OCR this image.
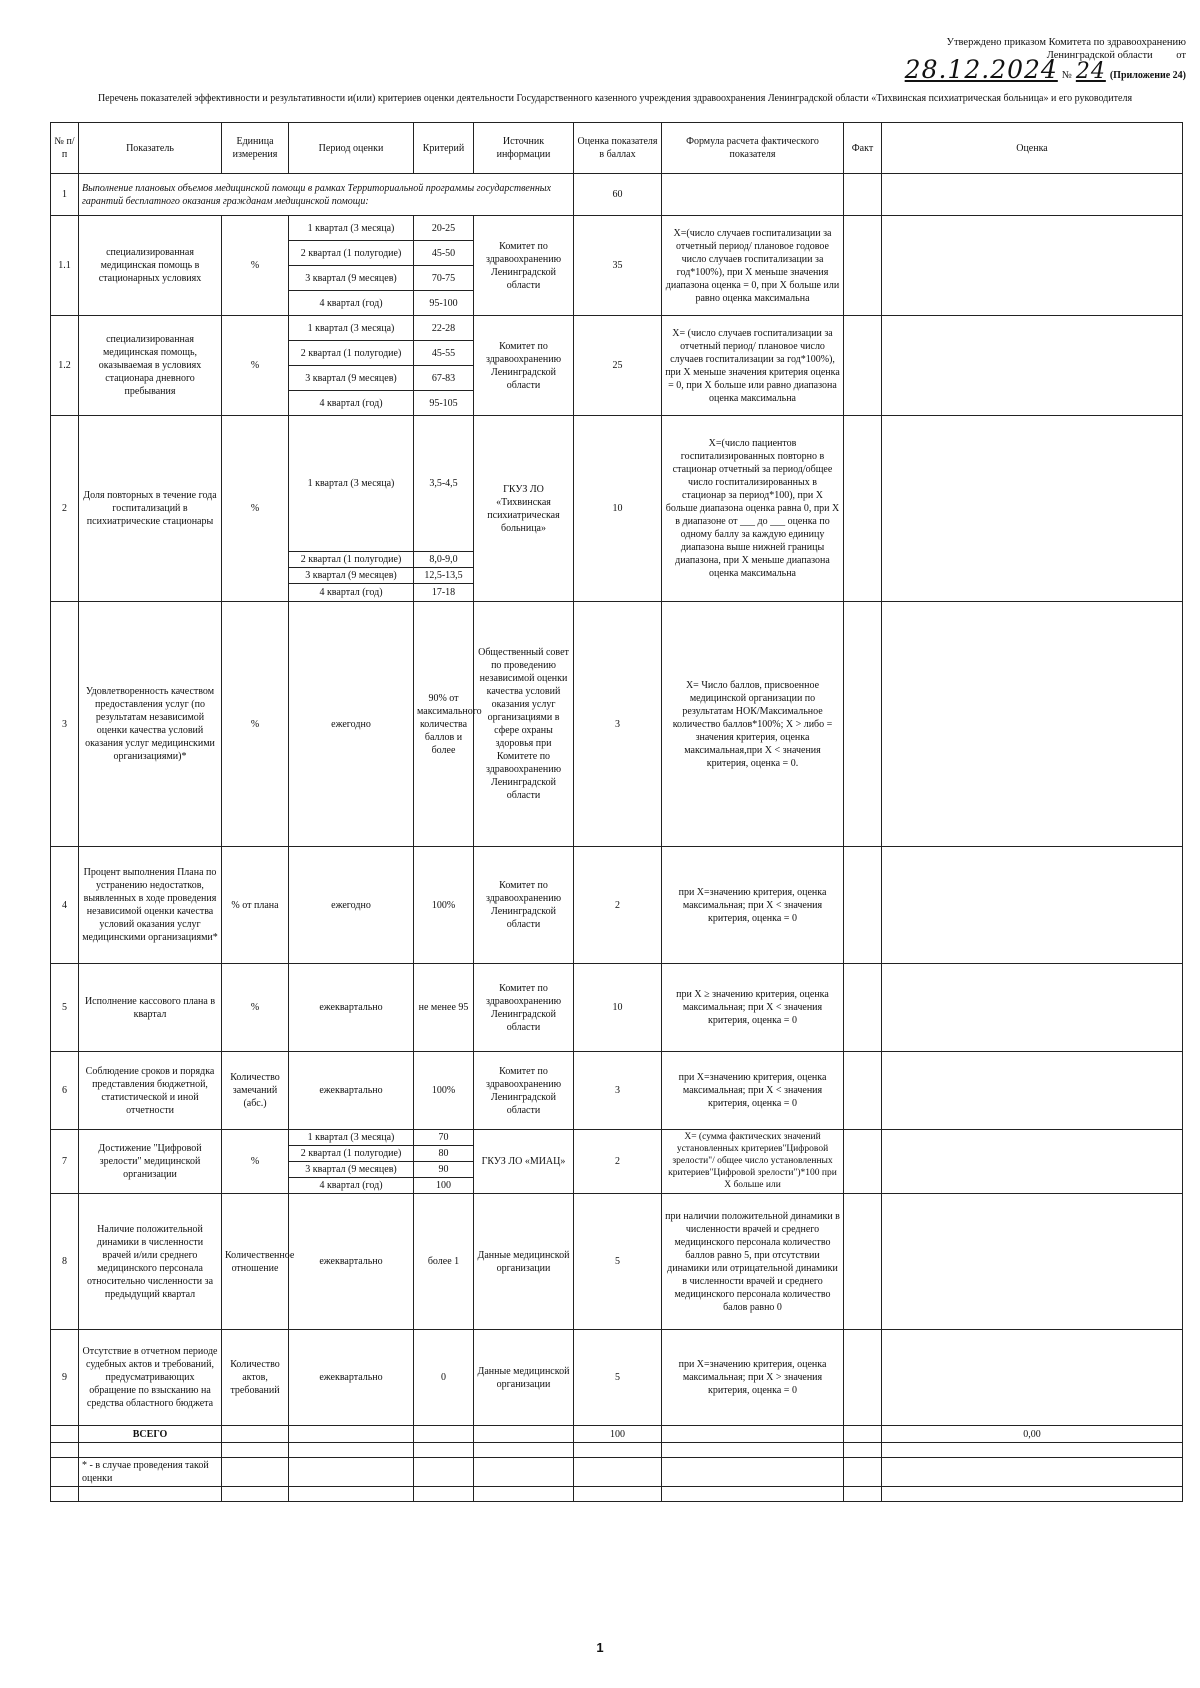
Утверждено приказом Комитета по здравоохранению
Ленинградской области от
28.12.2024 № 24 (Приложение 24)
Перечень показателей эффективности и результативности и(или) критериев оценки деятельности Государственного казенного учреждения здравоохранения Ленинградской области «Тихвинская психиатрическая больница» и его руководителя
№ п/п	Показатель	Единица измерения	Период оценки	Критерий	Источник информации	Оценка показателя в баллах	Формула расчета фактического показателя	Факт	Оценка
1	Выполнение плановых объемов медицинской помощи в рамках Территориальной программы государственных гарантий бесплатного оказания гражданам медицинской помощи:					60			
1.1	специализированная медицинская помощь в стационарных условиях	%	1 квартал (3 месяца)	20-25	Комитет по здравоохранению Ленинградской области	35	Х=(число случаев госпитализации за отчетный период/ плановое годовое число случаев госпитализации за год*100%), при Х меньше значения диапазона оценка = 0, при Х больше или равно оценка максимальна		
			2 квартал (1 полугодие)	45-50					
			3 квартал (9 месяцев)	70-75					
			4 квартал (год)	95-100					
1.2	специализированная медицинская помощь, оказываемая в условиях стационара дневного пребывания	%	1 квартал (3 месяца)	22-28	Комитет по здравоохранению Ленинградской области	25	Х= (число случаев госпитализации за отчетный период/ плановое число случаев госпитализации за год*100%), при Х меньше значения критерия оценка = 0, при Х больше или равно диапазона оценка максимальна		
			2 квартал (1 полугодие)	45-55					
			3 квартал (9 месяцев)	67-83					
			4 квартал (год)	95-105					
2	Доля повторных в течение года госпитализаций в психиатрические стационары	%	1 квартал (3 месяца)	3,5-4,5	ГКУЗ ЛО «Тихвинская психиатрическая больница»	10	Х=(число пациентов госпитализированных повторно в стационар отчетный за период/общее число госпитализированных в стационар за период*100), при Х больше диапазона оценка равна 0, при Х в диапазоне от ___ до ___ оценка по одному баллу за каждую единицу диапазона выше нижней границы диапазона, при Х меньше диапазона оценка максимальна		
			2 квартал (1 полугодие)	8,0-9,0					
			3 квартал (9 месяцев)	12,5-13,5					
			4 квартал (год)	17-18					
3	Удовлетворенность качеством предоставления услуг (по результатам независимой оценки качества условий оказания услуг медицинскими организациями)*	%	ежегодно	90% от максимального количества баллов и более	Общественный совет по проведению независимой оценки качества условий оказания услуг организациями в сфере охраны здоровья при Комитете по здравоохранению Ленинградской области	3	Х= Число баллов, присвоенное медицинской организации по результатам НОК/Максимальное количество баллов*100%; Х > либо = значения критерия, оценка максимальная,при Х < значения критерия, оценка = 0.		
4	Процент выполнения Плана по устранению недостатков, выявленных в ходе проведения независимой оценки качества условий оказания услуг медицинскими организациями*	% от плана	ежегодно	100%	Комитет по здравоохранению Ленинградской области	2	при Х=значению критерия, оценка максимальная; при Х < значения критерия, оценка = 0		
5	Исполнение кассового плана в квартал	%	ежеквартально	не менее 95	Комитет по здравоохранению Ленинградской области	10	при Х ≥ значению критерия, оценка максимальная; при Х < значения критерия, оценка = 0		
6	Соблюдение сроков и порядка представления бюджетной, статистической и иной отчетности	Количество замечаний (абс.)	ежеквартально	100%	Комитет по здравоохранению Ленинградской области	3	при Х=значению критерия, оценка максимальная; при Х < значения критерия, оценка = 0		
7	Достижение "Цифровой зрелости" медицинской организации	%	1 квартал (3 месяца)	70	ГКУЗ ЛО «МИАЦ»	2	Х= (сумма фактических значений установленных критериев"Цифровой зрелости"/ общее число установленных критериев"Цифровой зрелости")*100 при Х больше или		

			2 квартал (1 полугодие)	80					
			3 квартал (9 месяцев)	90					
			4 квартал (год)	100					
8	Наличие положительной динамики в численности врачей и/или среднего медицинского персонала относительно численности за предыдущий квартал	Количественное отношение	ежеквартально	более 1	Данные медицинской организации	5	при наличии положительной динамики в численности врачей и среднего медицинского персонала количество баллов равно 5, при отсутствии динамики или отрицательной динамики в численности врачей и среднего медицинского персонала количество балов равно 0		
9	Отсутствие в отчетном периоде судебных актов и требований, предусматривающих обращение по взысканию на средства областного бюджета	Количество актов, требований	ежеквартально	0	Данные медицинской организации	5	при Х=значению критерия, оценка максимальная; при Х > значения критерия, оценка = 0		
	ВСЕГО					100			0,00

	* - в случае проведения такой оценки								

1
